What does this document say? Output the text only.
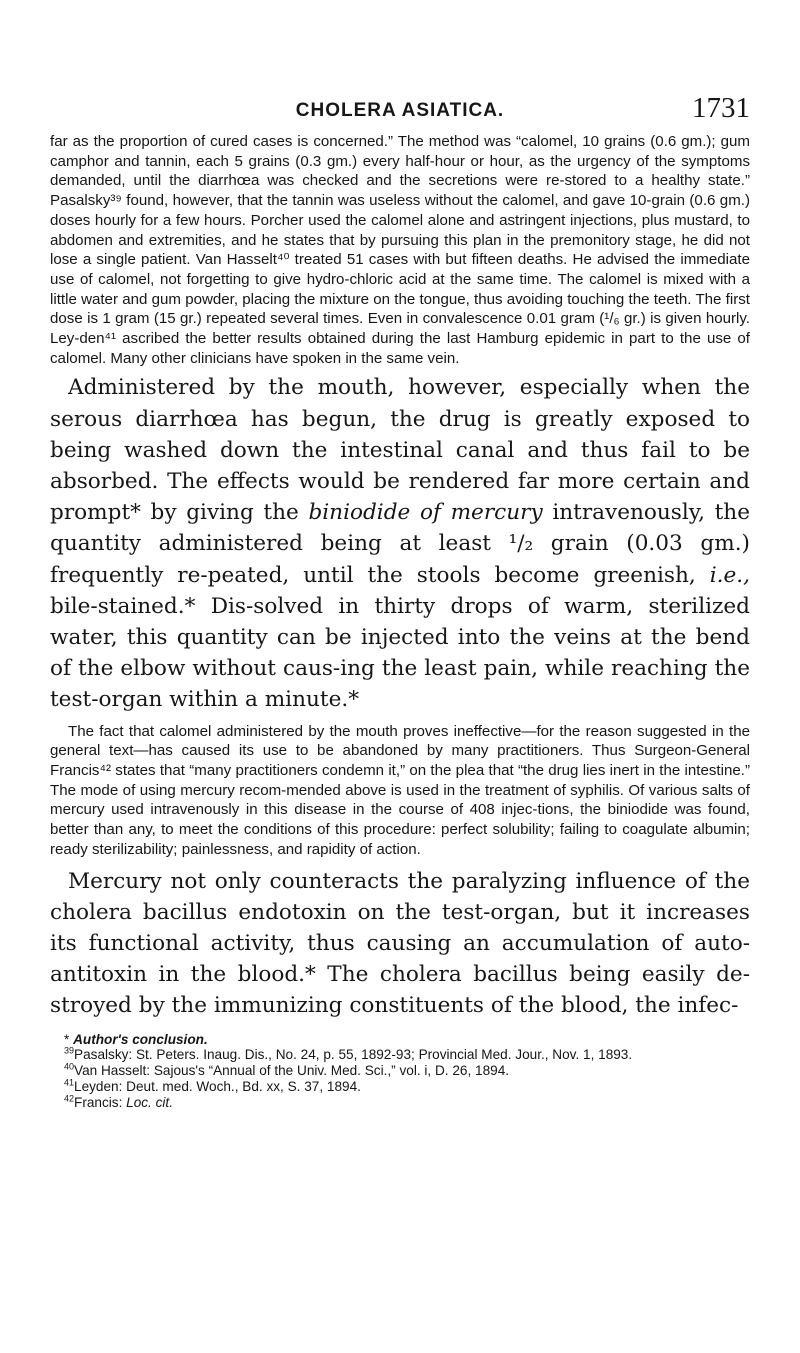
CHOLERA ASIATICA.	1731

far as the proportion of cured cases is concerned.” The method was “calomel, 10 grains (0.6 gm.); gum camphor and tannin, each 5 grains (0.3 gm.) every half-hour or hour, as the urgency of the symptoms demanded, until the diarrhœa was checked and the secretions were re-stored to a healthy state.” Pasalsky³⁹ found, however, that the tannin was useless without the calomel, and gave 10-grain (0.6 gm.) doses hourly for a few hours. Porcher used the calomel alone and astringent injections, plus mustard, to abdomen and extremities, and he states that by pursuing this plan in the premonitory stage, he did not lose a single patient. Van Hasselt⁴⁰ treated 51 cases with but fifteen deaths. He advised the immediate use of calomel, not forgetting to give hydro-chloric acid at the same time. The calomel is mixed with a little water and gum powder, placing the mixture on the tongue, thus avoiding touching the teeth. The first dose is 1 gram (15 gr.) repeated several times. Even in convalescence 0.01 gram (¹/₆ gr.) is given hourly. Ley-den⁴¹ ascribed the better results obtained during the last Hamburg epidemic in part to the use of calomel. Many other clinicians have spoken in the same vein.

Administered by the mouth, however, especially when the serous diarrhœa has begun, the drug is greatly exposed to being washed down the intestinal canal and thus fail to be absorbed. The effects would be rendered far more certain and prompt* by giving the biniodide of mercury intravenously, the quantity administered being at least ¹/₂ grain (0.03 gm.) frequently re-peated, until the stools become greenish, i.e., bile-stained.* Dis-solved in thirty drops of warm, sterilized water, this quantity can be injected into the veins at the bend of the elbow without caus-ing the least pain, while reaching the test-organ within a minute.*

The fact that calomel administered by the mouth proves ineffective—for the reason suggested in the general text—has caused its use to be abandoned by many practitioners. Thus Surgeon-General Francis⁴² states that “many practitioners condemn it,” on the plea that “the drug lies inert in the intestine.” The mode of using mercury recom-mended above is used in the treatment of syphilis. Of various salts of mercury used intravenously in this disease in the course of 408 injec-tions, the biniodide was found, better than any, to meet the conditions of this procedure: perfect solubility; failing to coagulate albumin; ready sterilizability; painlessness, and rapidity of action.

Mercury not only counteracts the paralyzing influence of the cholera bacillus endotoxin on the test-organ, but it increases its functional activity, thus causing an accumulation of auto-antitoxin in the blood.* The cholera bacillus being easily de-stroyed by the immunizing constituents of the blood, the infec-

* Author's conclusion.

$^{39}$Pasalsky: St. Peters. Inaug. Dis., No. 24, p. 55, 1892-93; Provincial Med. Jour., Nov. 1, 1893.

$^{40}$Van Hasselt: Sajous's “Annual of the Univ. Med. Sci.,” vol. i, D. 26, 1894.

$^{41}$Leyden: Deut. med. Woch., Bd. xx, S. 37, 1894.

$^{42}$Francis: Loc. cit.
